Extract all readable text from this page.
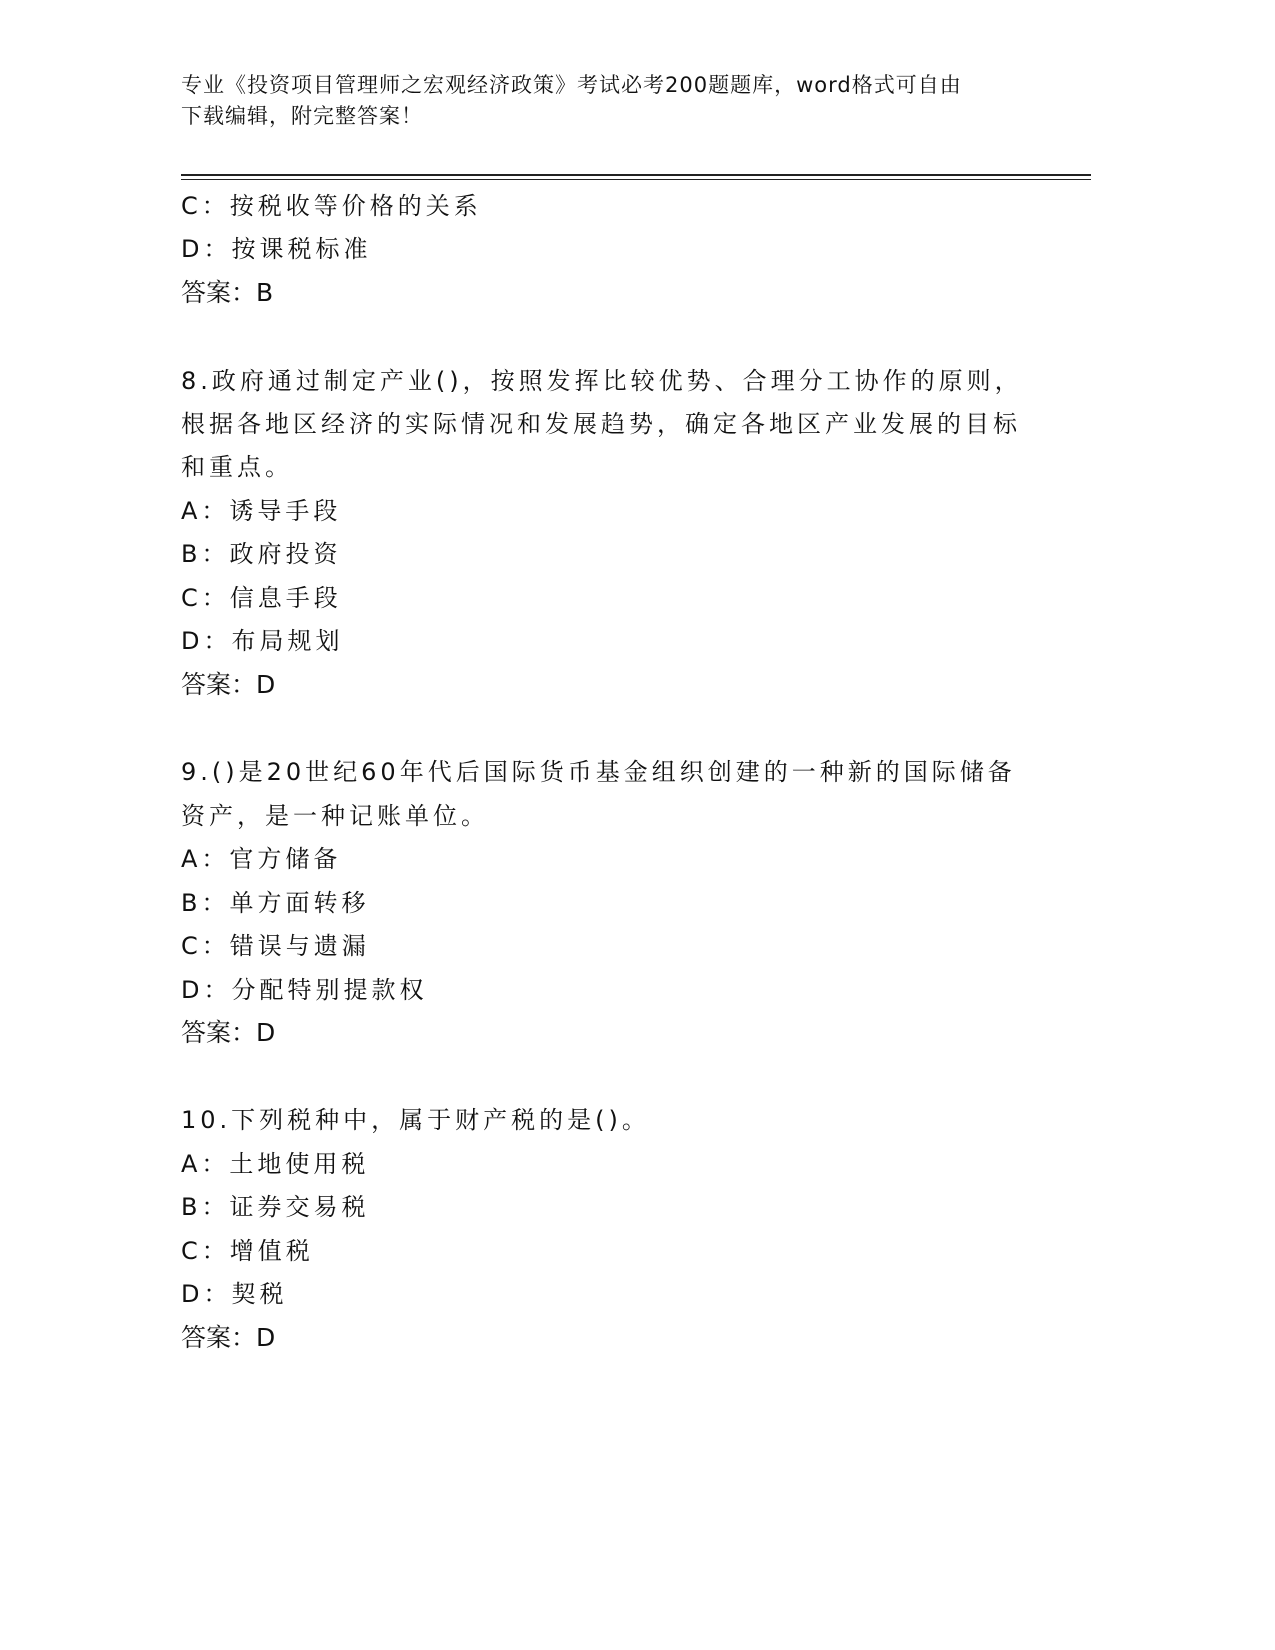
专业《投资项目管理师之宏观经济政策》考试必考200题题库，word格式可自由
下载编辑，附完整答案！
C：按税收等价格的关系
D：按课税标准
答案：B
8.政府通过制定产业()，按照发挥比较优势、合理分工协作的原则，
根据各地区经济的实际情况和发展趋势，确定各地区产业发展的目标
和重点。
A：诱导手段
B：政府投资
C：信息手段
D：布局规划
答案：D
9.()是20世纪60年代后国际货币基金组织创建的一种新的国际储备
资产，是一种记账单位。
A：官方储备
B：单方面转移
C：错误与遗漏
D：分配特别提款权
答案：D
10.下列税种中，属于财产税的是()。
A：土地使用税
B：证券交易税
C：增值税
D：契税
答案：D
